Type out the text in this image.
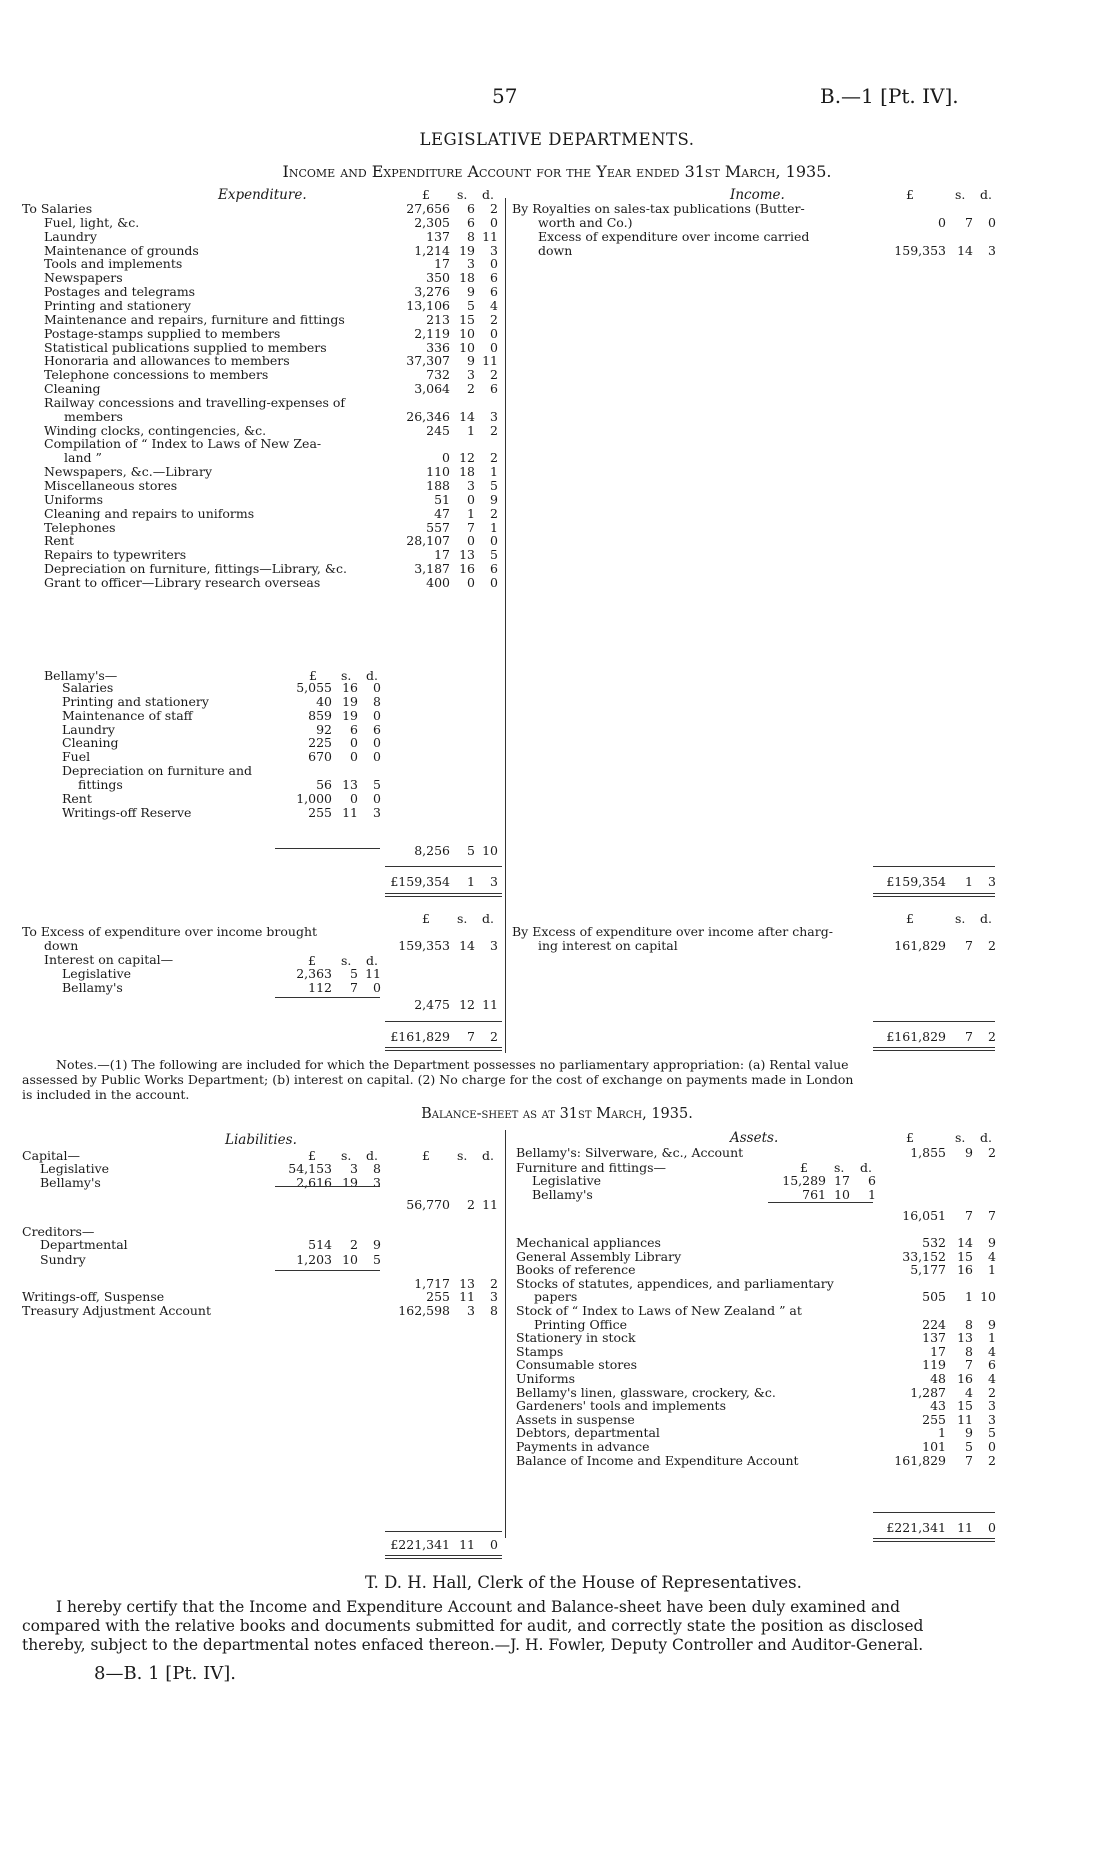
57	B.—1 [Pt. IV].
LEGISLATIVE DEPARTMENTS.
Income and Expenditure Account for the Year ended 31st March, 1935.
Expenditure.	Income.
£ s. d.	£	s. d.
To Salaries	27,656	6	2
Fuel, light, &c.	2,305	6	0
Laundry	137	8 11
Maintenance of grounds	1,214 19	3
Tools and implements	17	3	0
Newspapers	350 18	6
Postages and telegrams	3,276	9	6
Printing and stationery	13,106	5	4
Maintenance and repairs, furniture and fittings	213 15	2
Postage-stamps supplied to members	2,119 10	0
Statistical publications supplied to members	336 10	0
Honoraria and allowances to members	37,307	9 11
Telephone concessions to members	732	3	2
Cleaning	3,064	2	6
Railway concessions and travelling-expenses of
members	26,346 14	3
Winding clocks, contingencies, &c.	245	1	2
Compilation of “ Index to Laws of New Zea-
land ”	0 12	2
Newspapers, &c.—Library	110 18	1
Miscellaneous stores	188	3	5
Uniforms	51	0	9
Cleaning and repairs to uniforms	47	1	2
Telephones	557	7	1
Rent	28,107	0	0
Repairs to typewriters	17 13	5
Depreciation on furniture, fittings—Library, &c.	3,187 16	6
Grant to officer—Library research overseas	400	0	0
Bellamy's—	£ s. d.
Salaries	5,055 16	0
Printing and stationery	40 19	8
Maintenance of staff	859 19	0
Laundry	92	6	6
Cleaning	225	0	0
Fuel	670	0	0
Depreciation on furniture and
fittings	56 13	5
Rent	1,000	0	0
Writings-off Reserve	255 11	3
8,256	5 10
By Royalties on sales-tax publications (Butter-
worth and Co.)	0	7	0
Excess of expenditure over income carried
down	159,353 14	3
£159,354	1	3	£159,354	1	3
£ s. d.	£	s. d.
To Excess of expenditure over income brought
down	159,353 14	3
Interest on capital—	£ s. d.
Legislative	2,363	5 11
Bellamy's	112	7	0
2,475 12 11
£161,829	7	2
By Excess of expenditure over income after charg-
ing interest on capital	161,829	7	2
£161,829	7	2
Notes.—(1) The following are included for which the Department possesses no parliamentary appropriation: (a) Rental value
assessed by Public Works Department; (b) interest on capital. (2) No charge for the cost of exchange on payments made in London
is included in the account.
Balance-sheet as at 31st March, 1935.
Liabilities.	Assets.
£ s. d.	£ s. d.
£	s. d.
Capital—
Legislative	54,153	3	8
Bellamy's	2,616 19	3
56,770	2 11
Creditors—
Departmental	514	2	9
Sundry	1,203 10	5
1,717 13	2
Writings-off, Suspense	255 11	3
Treasury Adjustment Account	162,598	3	8
£221,341 11	0
Bellamy's: Silverware, &c., Account	1,855	9	2
Furniture and fittings—	£ s. d.
Legislative	15,289 17	6
Bellamy's	761 10	1
16,051	7	7
Mechanical appliances	532 14	9
General Assembly Library	33,152 15	4
Books of reference	5,177 16	1
Stocks of statutes, appendices, and parliamentary
papers	505	1 10
Stock of “ Index to Laws of New Zealand ” at
Printing Office	224	8	9
Stationery in stock	137 13	1
Stamps	17	8	4
Consumable stores	119	7	6
Uniforms	48 16	4
Bellamy's linen, glassware, crockery, &c.	1,287	4	2
Gardeners' tools and implements	43 15	3
Assets in suspense	255 11	3
Debtors, departmental	1	9	5
Payments in advance	101	5	0
Balance of Income and Expenditure Account	161,829	7	2
£221,341 11	0
T. D. H. Hall, Clerk of the House of Representatives.
I hereby certify that the Income and Expenditure Account and Balance-sheet have been duly examined and
compared with the relative books and documents submitted for audit, and correctly state the position as disclosed
thereby, subject to the departmental notes enfaced thereon.—J. H. Fowler, Deputy Controller and Auditor-General.
8—B. 1 [Pt. IV].
